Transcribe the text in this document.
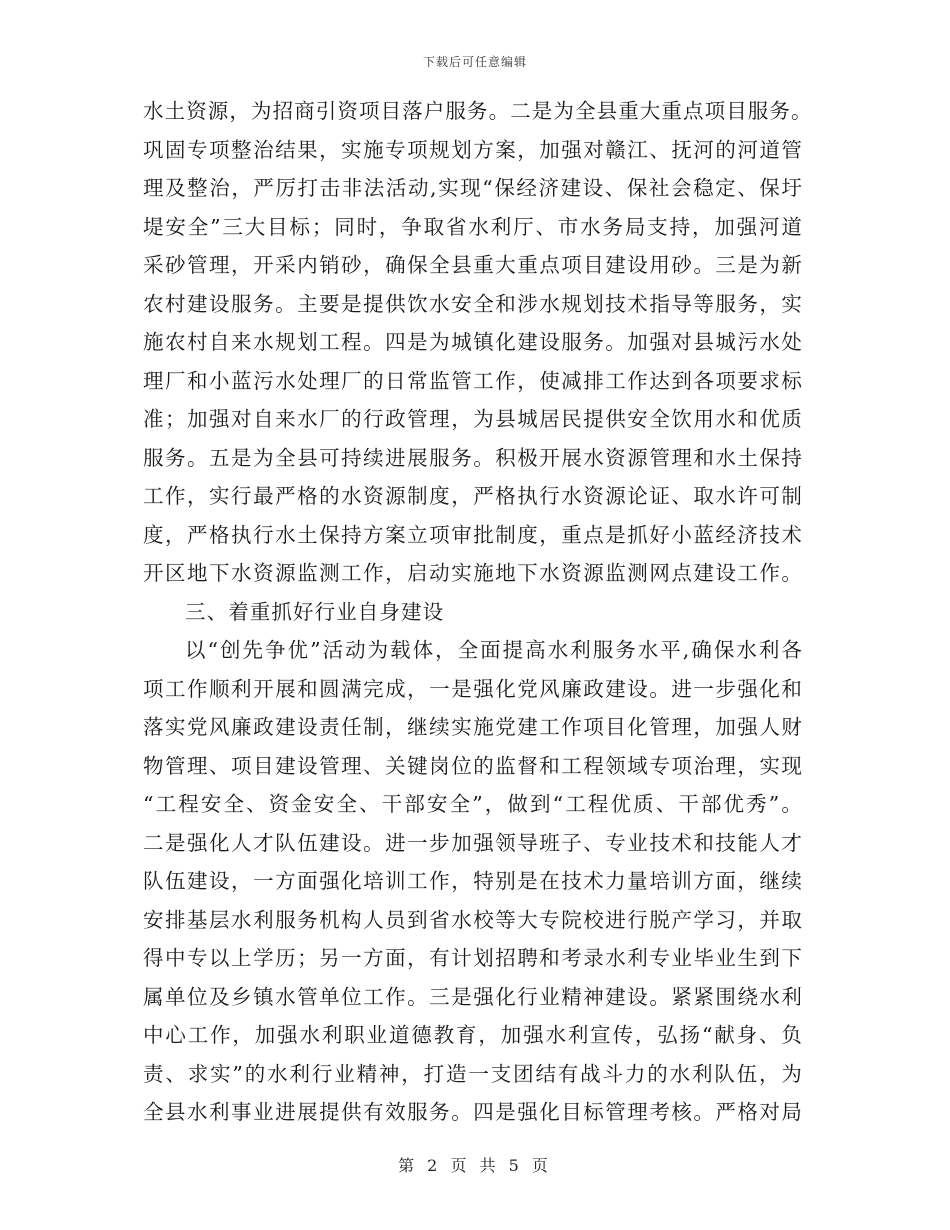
下载后可任意编辑
水土资源，为招商引资项目落户服务。二是为全县重大重点项目服务。
巩固专项整治结果，实施专项规划方案，加强对赣江、抚河的河道管
理及整治，严厉打击非法活动,实现“保经济建设、保社会稳定、保圩
堤安全”三大目标；同时，争取省水利厅、市水务局支持，加强河道
采砂管理，开采内销砂，确保全县重大重点项目建设用砂。三是为新
农村建设服务。主要是提供饮水安全和涉水规划技术指导等服务，实
施农村自来水规划工程。四是为城镇化建设服务。加强对县城污水处
理厂和小蓝污水处理厂的日常监管工作，使减排工作达到各项要求标
准；加强对自来水厂的行政管理，为县城居民提供安全饮用水和优质
服务。五是为全县可持续进展服务。积极开展水资源管理和水土保持
工作，实行最严格的水资源制度，严格执行水资源论证、取水许可制
度，严格执行水土保持方案立项审批制度，重点是抓好小蓝经济技术
开区地下水资源监测工作，启动实施地下水资源监测网点建设工作。
三、着重抓好行业自身建设
以“创先争优”活动为载体，全面提高水利服务水平,确保水利各
项工作顺利开展和圆满完成，一是强化党风廉政建设。进一步强化和
落实党风廉政建设责任制，继续实施党建工作项目化管理，加强人财
物管理、项目建设管理、关键岗位的监督和工程领域专项治理，实现
“工程安全、资金安全、干部安全”，做到“工程优质、干部优秀”。
二是强化人才队伍建设。进一步加强领导班子、专业技术和技能人才
队伍建设，一方面强化培训工作，特别是在技术力量培训方面，继续
安排基层水利服务机构人员到省水校等大专院校进行脱产学习，并取
得中专以上学历；另一方面，有计划招聘和考录水利专业毕业生到下
属单位及乡镇水管单位工作。三是强化行业精神建设。紧紧围绕水利
中心工作，加强水利职业道德教育，加强水利宣传，弘扬“献身、负
责、求实”的水利行业精神，打造一支团结有战斗力的水利队伍，为
全县水利事业进展提供有效服务。四是强化目标管理考核。严格对局
第 2 页 共 5 页
